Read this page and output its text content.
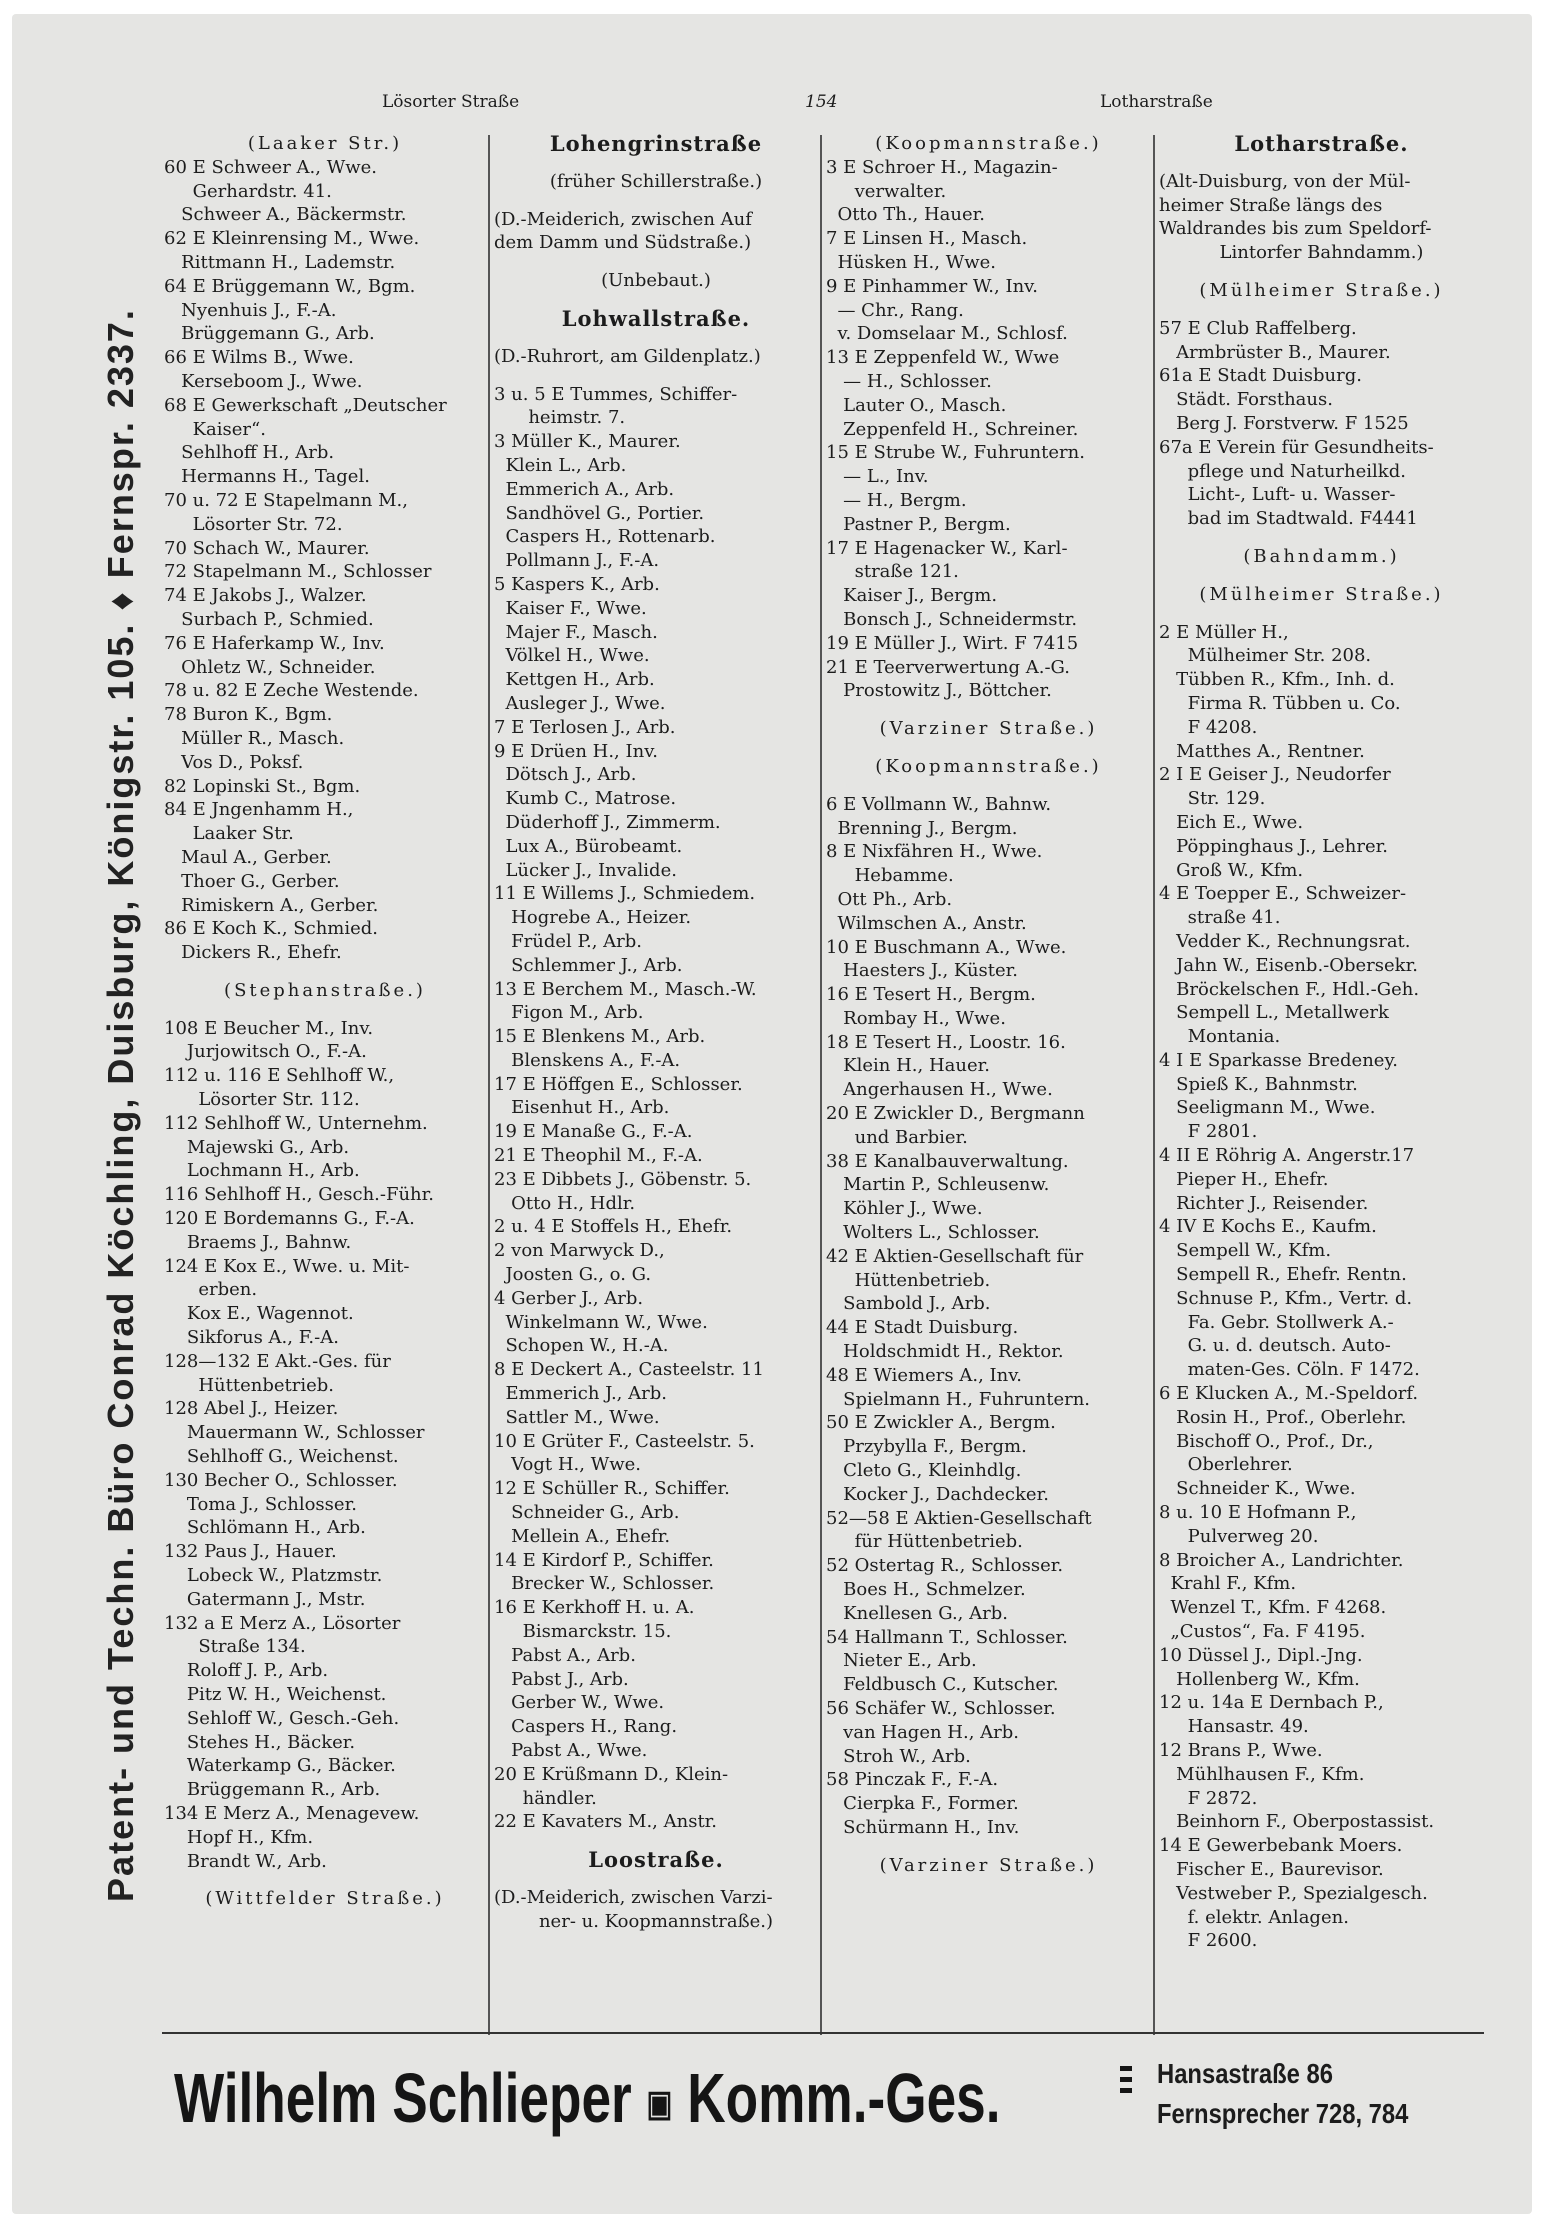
Patent- und Techn. Büro Conrad Köchling, Duisburg, Königstr. 105. ♦ Fernspr. 2337.
Lösorter Straße	154	Lotharstraße

(Laaker Str.)

60 E Schweer A., Wwe.

Gerhardstr. 41.

Schweer A., Bäckermstr.

62 E Kleinrensing M., Wwe.

Rittmann H., Lademstr.

64 E Brüggemann W., Bgm.

Nyenhuis J., F.-A.

Brüggemann G., Arb.

66 E Wilms B., Wwe.

Kerseboom J., Wwe.

68 E Gewerkschaft „Deutscher

Kaiser“.

Sehlhoff H., Arb.

Hermanns H., Tagel.

70 u. 72 E Stapelmann M.,

Lösorter Str. 72.

70 Schach W., Maurer.

72 Stapelmann M., Schlosser

74 E Jakobs J., Walzer.

Surbach P., Schmied.

76 E Haferkamp W., Inv.

Ohletz W., Schneider.

78 u. 82 E Zeche Westende.

78 Buron K., Bgm.

Müller R., Masch.

Vos D., Poksf.

82 Lopinski St., Bgm.

84 E Jngenhamm H.,

Laaker Str.

Maul A., Gerber.

Thoer G., Gerber.

Rimiskern A., Gerber.

86 E Koch K., Schmied.

Dickers R., Ehefr.

(Stephanstraße.)

108 E Beucher M., Inv.

Jurjowitsch O., F.-A.

112 u. 116 E Sehlhoff W.,

Lösorter Str. 112.

112 Sehlhoff W., Unternehm.

Majewski G., Arb.

Lochmann H., Arb.

116 Sehlhoff H., Gesch.-Führ.

120 E Bordemanns G., F.-A.

Braems J., Bahnw.

124 E Kox E., Wwe. u. Mit-

erben.

Kox E., Wagennot.

Sikforus A., F.-A.

128—132 E Akt.-Ges. für

Hüttenbetrieb.

128 Abel J., Heizer.

Mauermann W., Schlosser

Sehlhoff G., Weichenst.

130 Becher O., Schlosser.

Toma J., Schlosser.

Schlömann H., Arb.

132 Paus J., Hauer.

Lobeck W., Platzmstr.

Gatermann J., Mstr.

132 a E Merz A., Lösorter

Straße 134.

Roloff J. P., Arb.

Pitz W. H., Weichenst.

Sehloff W., Gesch.-Geh.

Stehes H., Bäcker.

Waterkamp G., Bäcker.

Brüggemann R., Arb.

134 E Merz A., Menagevew.

Hopf H., Kfm.

Brandt W., Arb.

(Wittfelder Straße.)

Lohengrinstraße

(früher Schillerstraße.)

(D.-Meiderich, zwischen Auf

dem Damm und Südstraße.)

(Unbebaut.)

Lohwallstraße.

(D.-Ruhrort, am Gildenplatz.)

3 u. 5 E Tummes, Schiffer-

heimstr. 7.

3 Müller K., Maurer.

Klein L., Arb.

Emmerich A., Arb.

Sandhövel G., Portier.

Caspers H., Rottenarb.

Pollmann J., F.-A.

5 Kaspers K., Arb.

Kaiser F., Wwe.

Majer F., Masch.

Völkel H., Wwe.

Kettgen H., Arb.

Ausleger J., Wwe.

7 E Terlosen J., Arb.

9 E Drüen H., Inv.

Dötsch J., Arb.

Kumb C., Matrose.

Düderhoff J., Zimmerm.

Lux A., Bürobeamt.

Lücker J., Invalide.

11 E Willems J., Schmiedem.

Hogrebe A., Heizer.

Früdel P., Arb.

Schlemmer J., Arb.

13 E Berchem M., Masch.-W.

Figon M., Arb.

15 E Blenkens M., Arb.

Blenskens A., F.-A.

17 E Höffgen E., Schlosser.

Eisenhut H., Arb.

19 E Manaße G., F.-A.

21 E Theophil M., F.-A.

23 E Dibbets J., Göbenstr. 5.

Otto H., Hdlr.

2 u. 4 E Stoffels H., Ehefr.

2 von Marwyck D.,

Joosten G., o. G.

4 Gerber J., Arb.

Winkelmann W., Wwe.

Schopen W., H.-A.

8 E Deckert A., Casteelstr. 11

Emmerich J., Arb.

Sattler M., Wwe.

10 E Grüter F., Casteelstr. 5.

Vogt H., Wwe.

12 E Schüller R., Schiffer.

Schneider G., Arb.

Mellein A., Ehefr.

14 E Kirdorf P., Schiffer.

Brecker W., Schlosser.

16 E Kerkhoff H. u. A.

Bismarckstr. 15.

Pabst A., Arb.

Pabst J., Arb.

Gerber W., Wwe.

Caspers H., Rang.

Pabst A., Wwe.

20 E Krüßmann D., Klein-

händler.

22 E Kavaters M., Anstr.

Loostraße.

(D.-Meiderich, zwischen Varzi-

ner- u. Koopmannstraße.)

(Koopmannstraße.)

3 E Schroer H., Magazin-

verwalter.

Otto Th., Hauer.

7 E Linsen H., Masch.

Hüsken H., Wwe.

9 E Pinhammer W., Inv.

— Chr., Rang.

v. Domselaar M., Schlosf.

13 E Zeppenfeld W., Wwe

— H., Schlosser.

Lauter O., Masch.

Zeppenfeld H., Schreiner.

15 E Strube W., Fuhruntern.

— L., Inv.

— H., Bergm.

Pastner P., Bergm.

17 E Hagenacker W., Karl-

straße 121.

Kaiser J., Bergm.

Bonsch J., Schneidermstr.

19 E Müller J., Wirt. F 7415

21 E Teerverwertung A.-G.

Prostowitz J., Böttcher.

(Varziner Straße.)

(Koopmannstraße.)

6 E Vollmann W., Bahnw.

Brenning J., Bergm.

8 E Nixfähren H., Wwe.

Hebamme.

Ott Ph., Arb.

Wilmschen A., Anstr.

10 E Buschmann A., Wwe.

Haesters J., Küster.

16 E Tesert H., Bergm.

Rombay H., Wwe.

18 E Tesert H., Loostr. 16.

Klein H., Hauer.

Angerhausen H., Wwe.

20 E Zwickler D., Bergmann

und Barbier.

38 E Kanalbauverwaltung.

Martin P., Schleusenw.

Köhler J., Wwe.

Wolters L., Schlosser.

42 E Aktien-Gesellschaft für

Hüttenbetrieb.

Sambold J., Arb.

44 E Stadt Duisburg.

Holdschmidt H., Rektor.

48 E Wiemers A., Inv.

Spielmann H., Fuhruntern.

50 E Zwickler A., Bergm.

Przybylla F., Bergm.

Cleto G., Kleinhdlg.

Kocker J., Dachdecker.

52—58 E Aktien-Gesellschaft

für Hüttenbetrieb.

52 Ostertag R., Schlosser.

Boes H., Schmelzer.

Knellesen G., Arb.

54 Hallmann T., Schlosser.

Nieter E., Arb.

Feldbusch C., Kutscher.

56 Schäfer W., Schlosser.

van Hagen H., Arb.

Stroh W., Arb.

58 Pinczak F., F.-A.

Cierpka F., Former.

Schürmann H., Inv.

(Varziner Straße.)

Lotharstraße.

(Alt-Duisburg, von der Mül-

heimer Straße längs des

Waldrandes bis zum Speldorf-

Lintorfer Bahndamm.)

(Mülheimer Straße.)

57 E Club Raffelberg.

Armbrüster B., Maurer.

61a E Stadt Duisburg.

Städt. Forsthaus.

Berg J. Forstverw. F 1525

67a E Verein für Gesundheits-

pflege und Naturheilkd.

Licht-, Luft- u. Wasser-

bad im Stadtwald. F4441

(Bahndamm.)

(Mülheimer Straße.)

2 E Müller H.,

Mülheimer Str. 208.

Tübben R., Kfm., Inh. d.

Firma R. Tübben u. Co.

F 4208.

Matthes A., Rentner.

2 I E Geiser J., Neudorfer

Str. 129.

Eich E., Wwe.

Pöppinghaus J., Lehrer.

Groß W., Kfm.

4 E Toepper E., Schweizer-

straße 41.

Vedder K., Rechnungsrat.

Jahn W., Eisenb.-Obersekr.

Bröckelschen F., Hdl.-Geh.

Sempell L., Metallwerk

Montania.

4 I E Sparkasse Bredeney.

Spieß K., Bahnmstr.

Seeligmann M., Wwe.

F 2801.

4 II E Röhrig A. Angerstr.17

Pieper H., Ehefr.

Richter J., Reisender.

4 IV E Kochs E., Kaufm.

Sempell W., Kfm.

Sempell R., Ehefr. Rentn.

Schnuse P., Kfm., Vertr. d.

Fa. Gebr. Stollwerk A.-

G. u. d. deutsch. Auto-

maten-Ges. Cöln. F 1472.

6 E Klucken A., M.-Speldorf.

Rosin H., Prof., Oberlehr.

Bischoff O., Prof., Dr.,

Oberlehrer.

Schneider K., Wwe.

8 u. 10 E Hofmann P.,

Pulverweg 20.

8 Broicher A., Landrichter.

Krahl F., Kfm.

Wenzel T., Kfm. F 4268.

„Custos“, Fa. F 4195.

10 Düssel J., Dipl.-Jng.

Hollenberg W., Kfm.

12 u. 14a E Dernbach P.,

Hansastr. 49.

12 Brans P., Wwe.

Mühlhausen F., Kfm.

F 2872.

Beinhorn F., Oberpostassist.

14 E Gewerbebank Moers.

Fischer E., Baurevisor.

Vestweber P., Spezialgesch.

f. elektr. Anlagen.

F 2600.

Wilhelm Schlieper ▣ Komm.-Ges.	Hansastraße 86
Fernsprecher 728, 784
